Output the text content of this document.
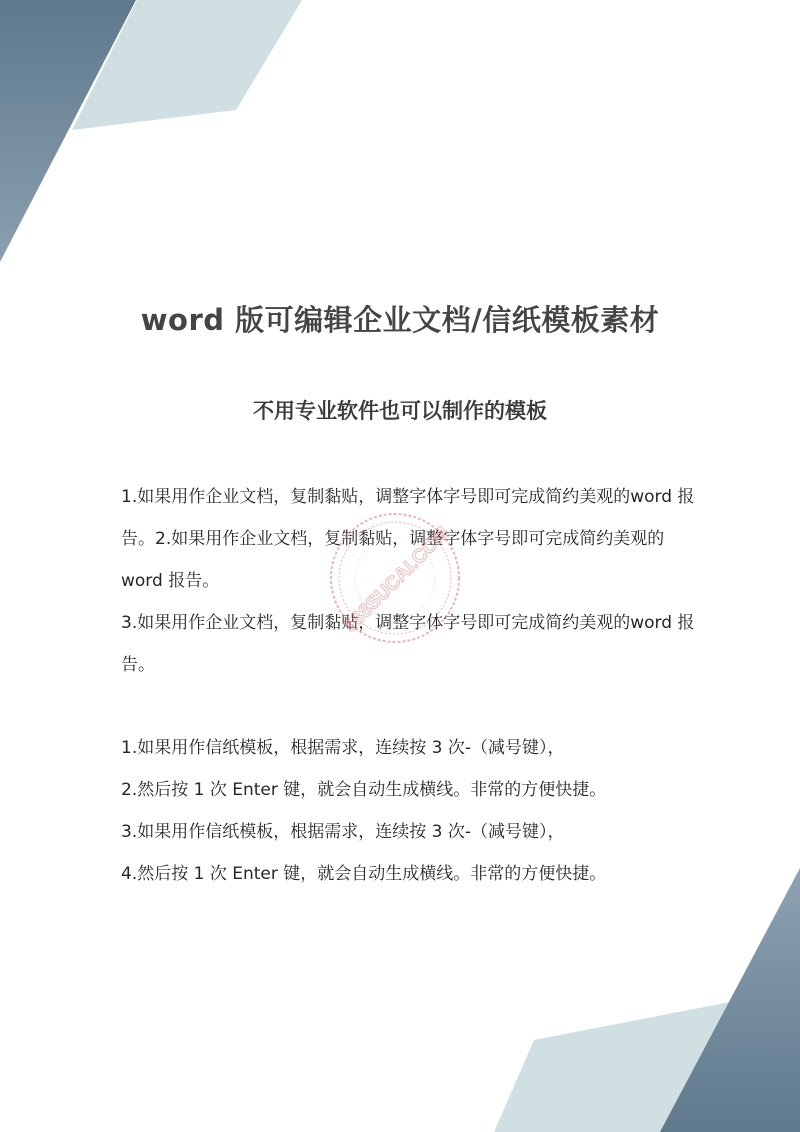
word 版可编辑企业文档/信纸模板素材
不用专业软件也可以制作的模板

1.如果用作企业文档，复制黏贴，调整字体字号即可完成简约美观的word 报告。2.如果用作企业文档，复制黏贴，调整字体字号即可完成简约美观的 word 报告。

3.如果用作企业文档，复制黏贴，调整字体字号即可完成简约美观的word 报告。

1.如果用作信纸模板，根据需求，连续按 3 次-（减号键），

2.然后按 1 次 Enter 键，就会自动生成横线。非常的方便快捷。

3.如果用作信纸模板，根据需求，连续按 3 次-（减号键），

4.然后按 1 次 Enter 键，就会自动生成横线。非常的方便快捷。

588SUCAI.COM
